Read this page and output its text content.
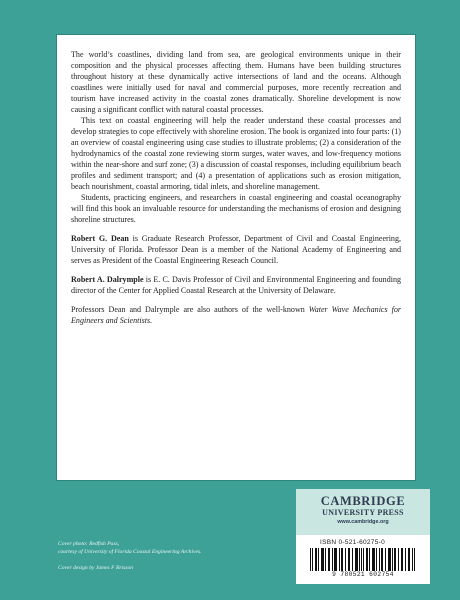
The world’s coastlines, dividing land from sea, are geological environments unique in their composition and the physical processes affecting them. Humans have been building structures throughout history at these dynamically active intersections of land and the oceans. Although coastlines were initially used for naval and commercial purposes, more recently recreation and tourism have increased activity in the coastal zones dramatically. Shoreline development is now causing a significant conflict with natural coastal processes.

This text on coastal engineering will help the reader understand these coastal processes and develop strategies to cope effectively with shoreline erosion. The book is organized into four parts: (1) an overview of coastal engineering using case studies to illustrate problems; (2) a consideration of the hydrodynamics of the coastal zone reviewing storm surges, water waves, and low-frequency motions within the near-shore and surf zone; (3) a discussion of coastal responses, including equilibrium beach profiles and sediment transport; and (4) a presentation of applications such as erosion mitigation, beach nourishment, coastal armoring, tidal inlets, and shoreline management.

Students, practicing engineers, and researchers in coastal engineering and coastal oceanography will find this book an invaluable resource for understanding the mechanisms of erosion and designing shoreline structures.

Robert G. Dean is Graduate Research Professor, Department of Civil and Coastal Engineering, University of Florida. Professor Dean is a member of the National Academy of Engineering and serves as President of the Coastal Engineering Reseach Council.

Robert A. Dalrymple is E. C. Davis Professor of Civil and Environmental Engineering and founding director of the Center for Applied Coastal Research at the University of Delaware.

Professors Dean and Dalrymple are also authors of the well-known Water Wave Mechanics for Engineers and Scientists.

Cover photo: Redfish Pass,
courtesy of University of Florida Coastal Engineering Archives.
Cover design by James F Brisson
CAMBRIDGE
UNIVERSITY PRESS
www.cambridge.org
ISBN 0-521-60275-0
9 780521 602754
